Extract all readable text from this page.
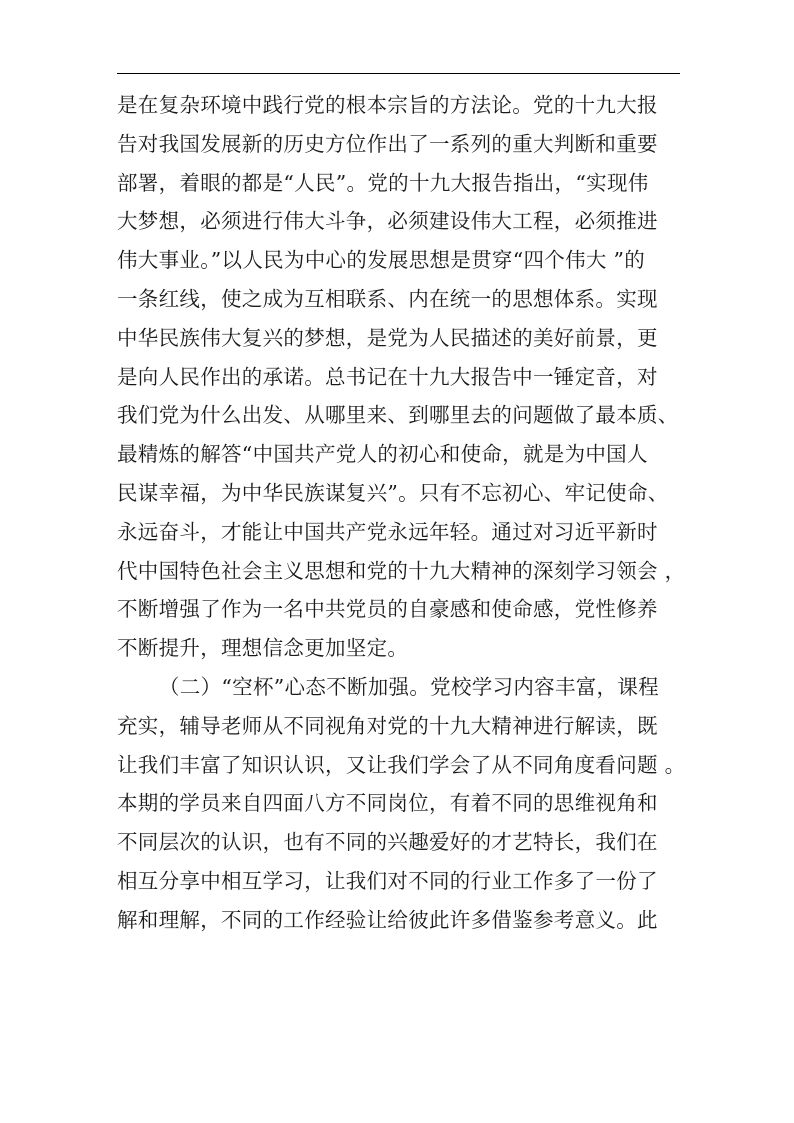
是在复杂环境中践行党的根本宗旨的方法论。党的十九大报
告对我国发展新的历史方位作出了一系列的重大判断和重要
部署，着眼的都是“人民”。党的十九大报告指出，“实现伟
大梦想，必须进行伟大斗争，必须建设伟大工程，必须推进
伟大事业。”以人民为中心的发展思想是贯穿“四个伟大 ”的
一条红线，使之成为互相联系、内在统一的思想体系。实现
中华民族伟大复兴的梦想，是党为人民描述的美好前景，更
是向人民作出的承诺。总书记在十九大报告中一锤定音，对
我们党为什么出发、从哪里来、到哪里去的问题做了最本质、
最精炼的解答“中国共产党人的初心和使命，就是为中国人
民谋幸福，为中华民族谋复兴”。只有不忘初心、牢记使命、
永远奋斗，才能让中国共产党永远年轻。通过对习近平新时
代中国特色社会主义思想和党的十九大精神的深刻学习领会 ，
不断增强了作为一名中共党员的自豪感和使命感，党性修养
不断提升，理想信念更加坚定。
（二）“空杯”心态不断加强。党校学习内容丰富，课程
充实，辅导老师从不同视角对党的十九大精神进行解读，既
让我们丰富了知识认识，又让我们学会了从不同角度看问题 。
本期的学员来自四面八方不同岗位，有着不同的思维视角和
不同层次的认识，也有不同的兴趣爱好的才艺特长，我们在
相互分享中相互学习，让我们对不同的行业工作多了一份了
解和理解，不同的工作经验让给彼此许多借鉴参考意义。此
